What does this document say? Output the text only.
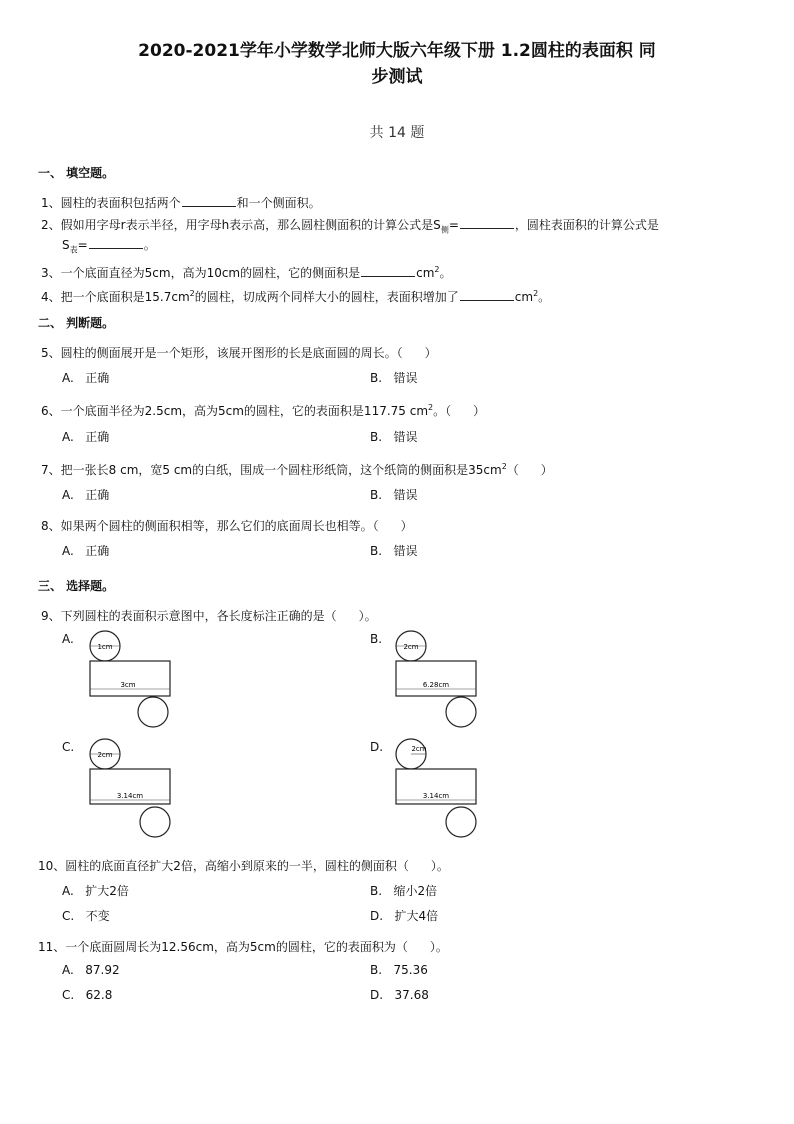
2020-2021学年小学数学北师大版六年级下册 1.2圆柱的表面积 同
步测试
共 14 题
一、 填空题。
1、圆柱的表面积包括两个	和一个侧面积。
2、假如用字母r表示半径，用字母h表示高，那么圆柱侧面积的计算公式是$S_侧=$	，圆柱表面积的计算公式是
$S_表=$	。
3、一个底面直径为5cm，高为10cm的圆柱，它的侧面积是	$cm^2$。
4、把一个底面积是$15.7cm^2$的圆柱，切成两个同样大小的圆柱，表面积增加了	$cm^2$。
二、 判断题。
5、圆柱的侧面展开是一个矩形，该展开图形的长是底面圆的周长。（ ）
A. 正确	B. 错误
6、一个底面半径为2.5cm，高为5cm的圆柱，它的表面积是117.75 $cm^2$。（ ）
A. 正确	B. 错误
7、把一张长8 cm，宽5 cm的白纸，围成一个圆柱形纸筒，这个纸筒的侧面积是$35cm^2$（ ）
A. 正确	B. 错误
8、如果两个圆柱的侧面积相等，那么它们的底面周长也相等。（ ）
A. 正确	B. 错误
三、 选择题。
9、下列圆柱的表面积示意图中，各长度标注正确的是（ ）。
A.
1cm
3cm
B.
2cm
6.28cm
C.
2cm
3.14cm
D.	2cm
3.14cm
10、圆柱的底面直径扩大2倍，高缩小到原来的一半，圆柱的侧面积（ ）。
A. 扩大2倍	B. 缩小2倍
C. 不变	D. 扩大4倍
11、一个底面圆周长为12.56cm，高为5cm的圆柱，它的表面积为（ ）。
A. 87.92	B. 75.36
C. 62.8	D. 37.68
